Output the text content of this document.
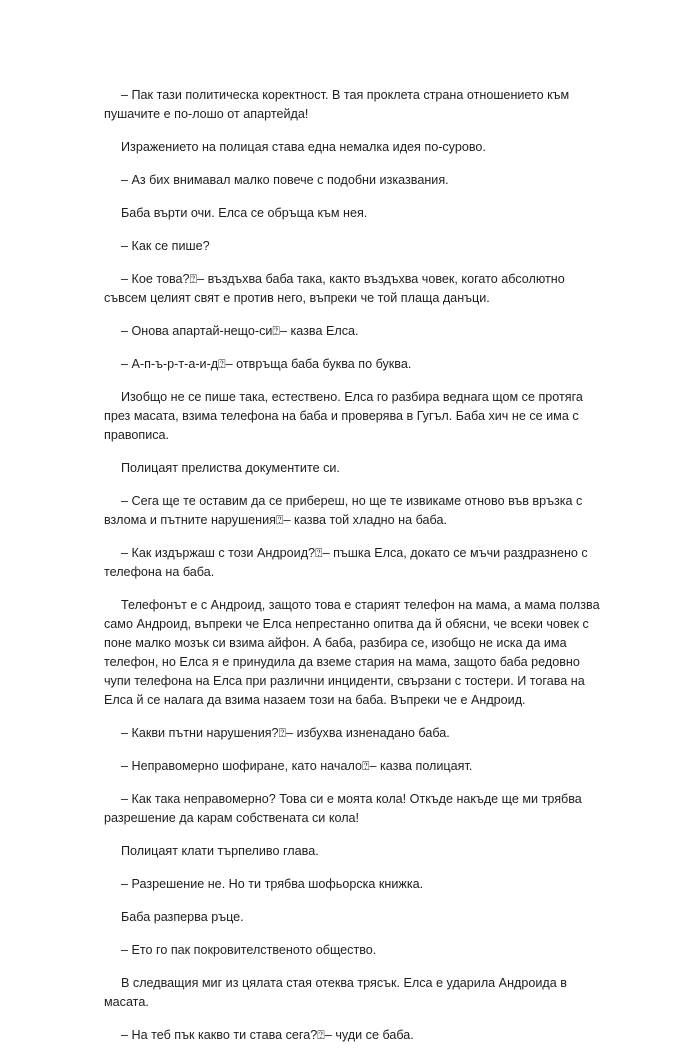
– Пак тази политическа коректност. В тая проклета страна отношението към пушачите е по-лошо от апартейда!

Изражението на полицая става една немалка идея по-сурово.

– Аз бих внимавал малко повече с подобни изказвания.

Баба върти очи. Елса се обръща към нея.

– Как се пише?

– Кое това?⍰– въздъхва баба така, както въздъхва човек, когато абсолютно съвсем целият свят е против него, въпреки че той плаща данъци.

– Онова апартай-нещо-си⍰– казва Елса.

– А-п-ъ-р-т-а-и-д⍰– отвръща баба буква по буква.

Изобщо не се пише така, естествено. Елса го разбира веднага щом се протяга през масата, взима телефона на баба и проверява в Гугъл. Баба хич не се има с правописа.

Полицаят прелиства документите си.

– Сега ще те оставим да се прибереш, но ще те извикаме отново във връзка с взлома и пътните нарушения⍰– казва той хладно на баба.

– Как издържаш с този Андроид?⍰– пъшка Елса, докато се мъчи раздразнено с телефона на баба.

Телефонът е с Андроид, защото това е старият телефон на мама, а мама ползва само Андроид, въпреки че Елса непрестанно опитва да й обясни, че всеки човек с поне малко мозък си взима айфон. А баба, разбира се, изобщо не иска да има телефон, но Елса я е принудила да вземе стария на мама, защото баба редовно чупи телефона на Елса при различни инциденти, свързани с тостери. И тогава на Елса й се налага да взима назаем този на баба. Въпреки че е Андроид.

– Какви пътни нарушения?⍰– избухва изненадано баба.

– Неправомерно шофиране, като начало⍰– казва полицаят.

– Как така неправомерно? Това си е моята кола! Откъде накъде ще ми трябва разрешение да карам собствената си кола!

Полицаят клати търпеливо глава.

– Разрешение не. Но ти трябва шофьорска книжка.

Баба разперва ръце.

– Ето го пак покровителственото общество.

В следващия миг из цялата стая отеква трясък. Елса е ударила Андроида в масата.

– На теб пък какво ти става сега?⍰– чуди се баба.
